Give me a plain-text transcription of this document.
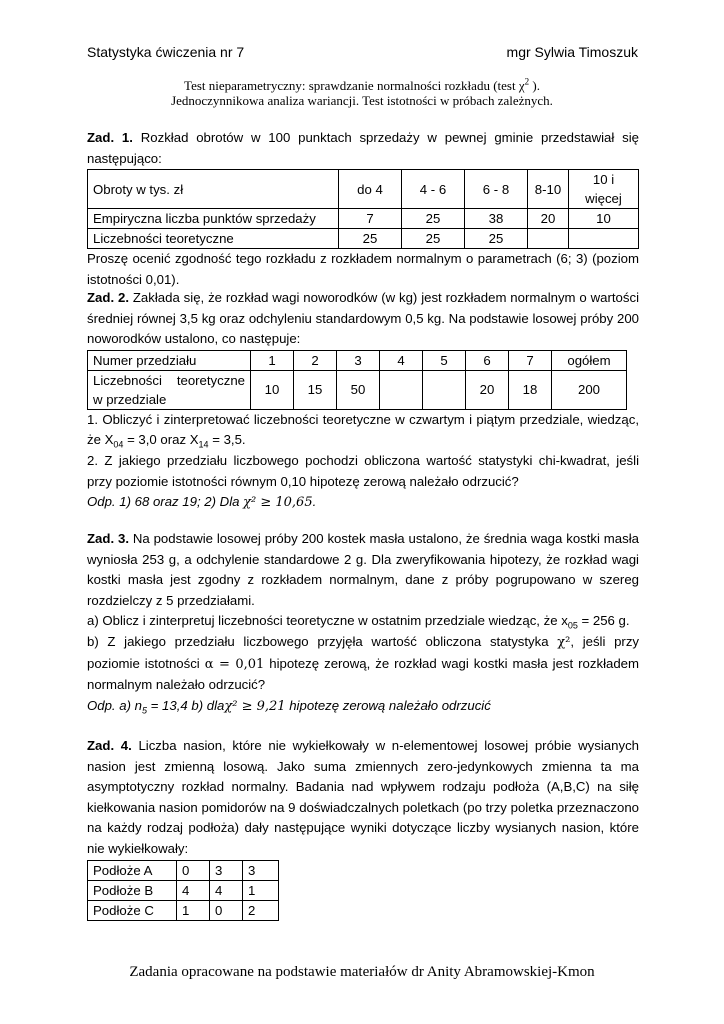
Statystyka ćwiczenia nr 7	mgr Sylwia Timoszuk
Test nieparametryczny: sprawdzanie normalności rozkładu (test $\chi^2$ ).
Jednoczynnikowa analiza wariancji. Test istotności w próbach zależnych.

Zad. 1. Rozkład obrotów w 100 punktach sprzedaży w pewnej gminie przedstawiał się następująco:

Obroty w tys. zł	do 4	4 - 6	6 - 8	8-10	10 i więcej
Empiryczna liczba punktów sprzedaży	7	25	38	20	10
Liczebności teoretyczne	25	25	25		

Proszę ocenić zgodność tego rozkładu z rozkładem normalnym o parametrach (6; 3) (poziom istotności 0,01).

Zad. 2. Zakłada się, że rozkład wagi noworodków (w kg) jest rozkładem normalnym o wartości średniej równej 3,5 kg oraz odchyleniu standardowym 0,5 kg. Na podstawie losowej próby 200 noworodków ustalono, co następuje:

Numer przedziału	1	2	3	4	5	6	7	ogółem
Liczebności teoretyczne w przedziale	10	15	50			20	18	200

1. Obliczyć i zinterpretować liczebności teoretyczne w czwartym i piątym przedziale, wiedząc, że $X_{04} = 3,0$ oraz $X_{14} = 3,5$.

2. Z jakiego przedziału liczbowego pochodzi obliczona wartość statystyki chi-kwadrat, jeśli przy poziomie istotności równym 0,10 hipotezę zerową należało odrzucić?

Odp. 1) 68 oraz 19; 2) Dla χ² ≥ 10,65.

Zad. 3. Na podstawie losowej próby 200 kostek masła ustalono, że średnia waga kostki masła wyniosła 253 g, a odchylenie standardowe 2 g. Dla zweryfikowania hipotezy, że rozkład wagi kostki masła jest zgodny z rozkładem normalnym, dane z próby pogrupowano w szereg rozdzielczy z 5 przedziałami.

a) Oblicz i zinterpretuj liczebności teoretyczne w ostatnim przedziale wiedząc, że $x_{05} = 256$ g.

b) Z jakiego przedziału liczbowego przyjęła wartość obliczona statystyka χ², jeśli przy poziomie istotności α = 0,01 hipotezę zerową, że rozkład wagi kostki masła jest rozkładem normalnym należało odrzucić?

Odp. a) $n_5 = 13,4$ b) dlaχ² ≥ 9,21 hipotezę zerową należało odrzucić

Zad. 4. Liczba nasion, które nie wykiełkowały w n-elementowej losowej próbie wysianych nasion jest zmienną losową. Jako suma zmiennych zero-jedynkowych zmienna ta ma asymptotyczny rozkład normalny. Badania nad wpływem rodzaju podłoża (A,B,C) na siłę kiełkowania nasion pomidorów na 9 doświadczalnych poletkach (po trzy poletka przeznaczono na każdy rodzaj podłoża) dały następujące wyniki dotyczące liczby wysianych nasion, które nie wykiełkowały:

Podłoże A	0	3	3
Podłoże B	4	4	1
Podłoże C	1	0	2
Zadania opracowane na podstawie materiałów dr Anity Abramowskiej-Kmon
